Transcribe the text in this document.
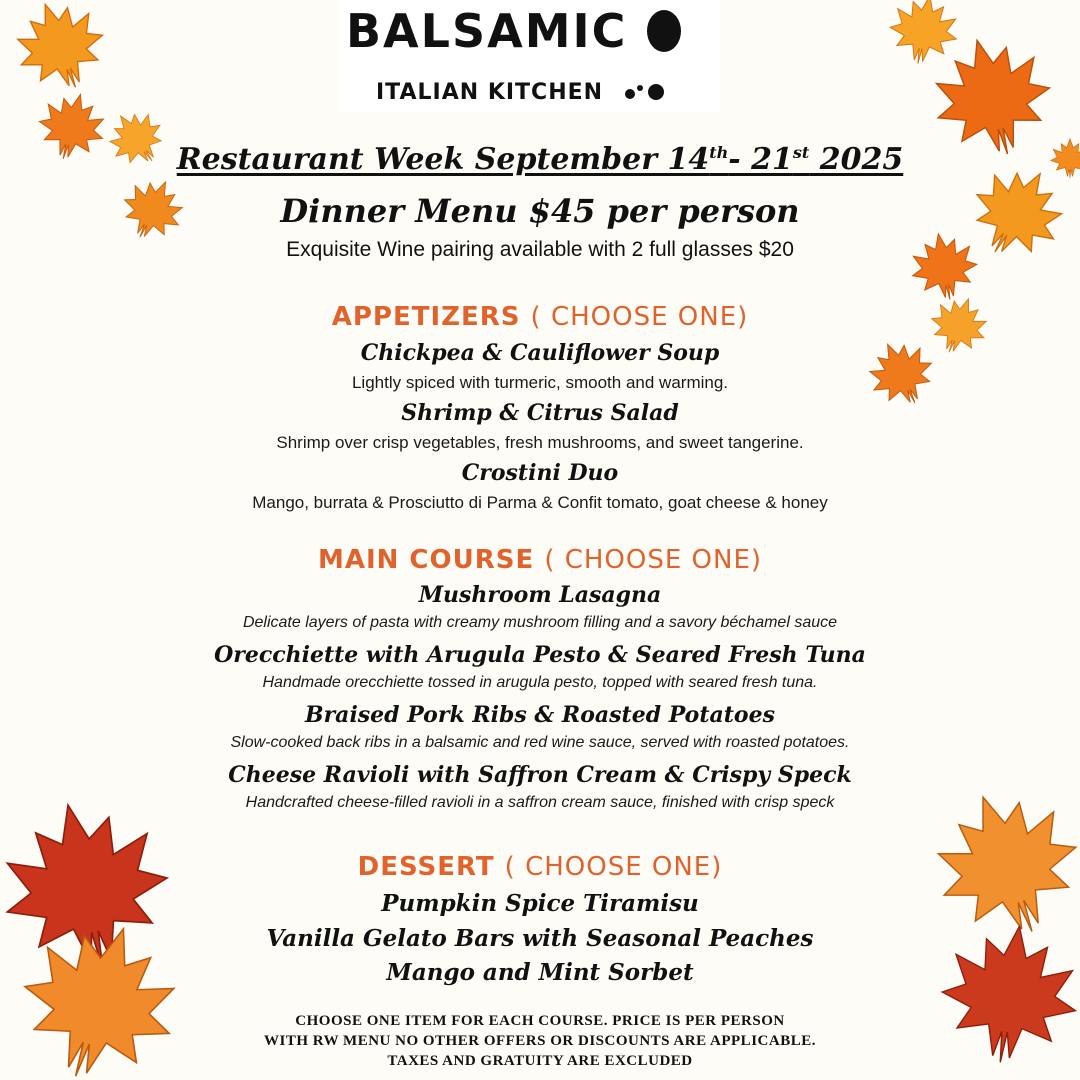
BALSAMIC
ITALIAN KITCHEN
Restaurant Week September 14th- 21st 2025
Dinner Menu $45 per person
Exquisite Wine pairing available with 2 full glasses $20
APPETIZERS ( CHOOSE ONE)
Chickpea & Cauliflower Soup
Lightly spiced with turmeric, smooth and warming.
Shrimp & Citrus Salad
Shrimp over crisp vegetables, fresh mushrooms, and sweet tangerine.
Crostini Duo
Mango, burrata & Prosciutto di Parma & Confit tomato, goat cheese & honey
MAIN COURSE ( CHOOSE ONE)
Mushroom Lasagna
Delicate layers of pasta with creamy mushroom filling and a savory béchamel sauce
Orecchiette with Arugula Pesto & Seared Fresh Tuna
Handmade orecchiette tossed in arugula pesto, topped with seared fresh tuna.
Braised Pork Ribs & Roasted Potatoes
Slow-cooked back ribs in a balsamic and red wine sauce, served with roasted potatoes.
Cheese Ravioli with Saffron Cream & Crispy Speck
Handcrafted cheese-filled ravioli in a saffron cream sauce, finished with crisp speck
DESSERT ( CHOOSE ONE)
Pumpkin Spice Tiramisu
Vanilla Gelato Bars with Seasonal Peaches
Mango and Mint Sorbet
CHOOSE ONE ITEM FOR EACH COURSE. PRICE IS PER PERSON
WITH RW MENU NO OTHER OFFERS OR DISCOUNTS ARE APPLICABLE.
TAXES AND GRATUITY ARE EXCLUDED
